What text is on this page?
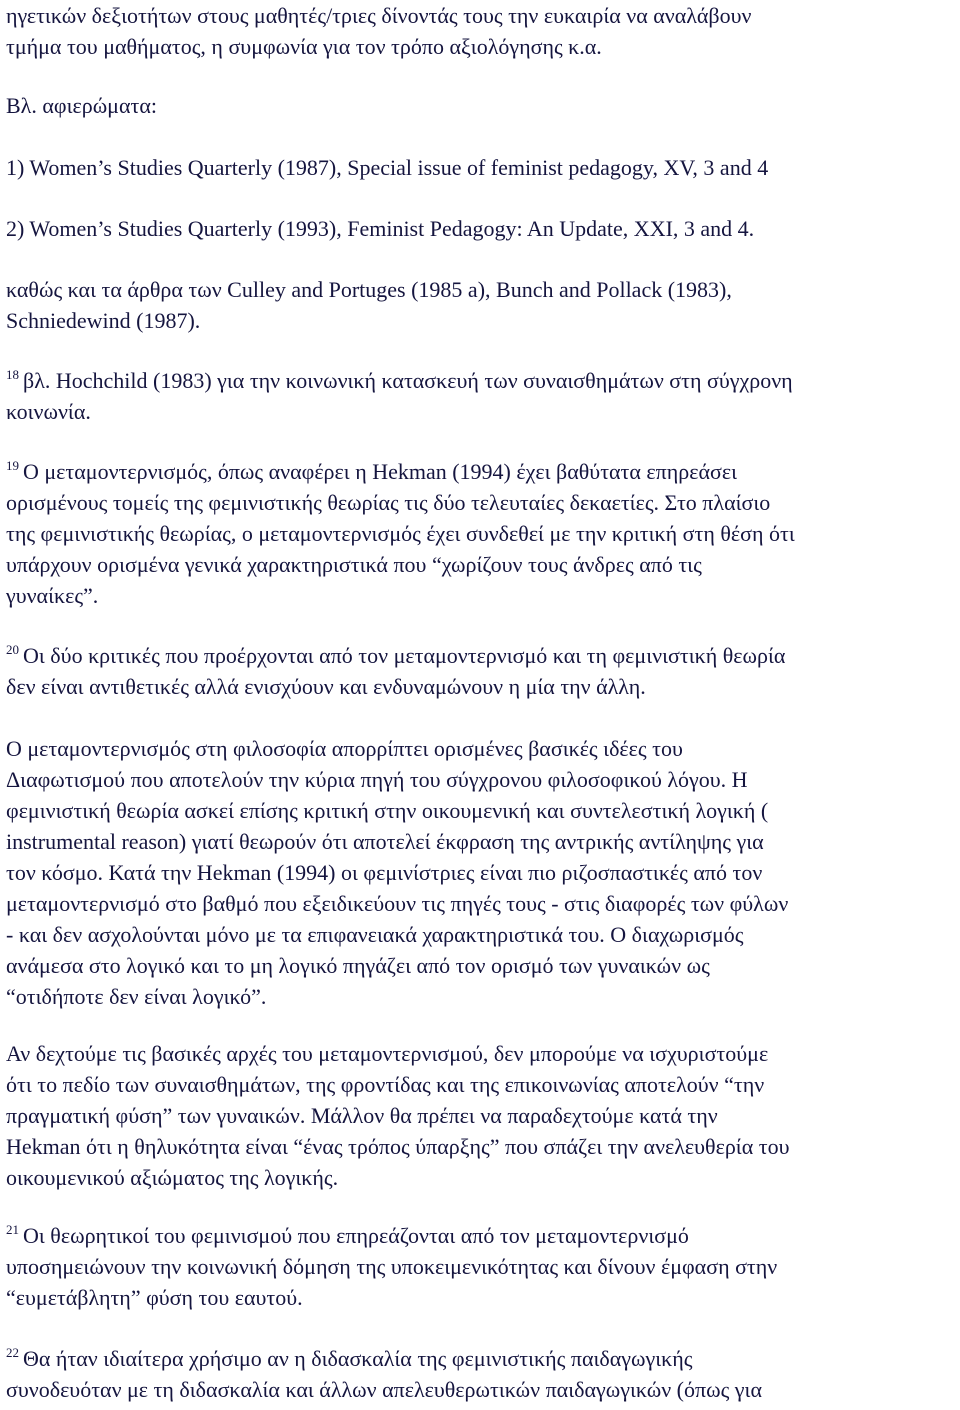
ηγετικών δεξιοτήτων στους μαθητές/τριες δίνοντάς τους την ευκαιρία να αναλάβουν
τμήμα του μαθήματος, η συμφωνία για τον τρόπο αξιολόγησης κ.α.
Βλ. αφιερώματα:
1) Women’s Studies Quarterly (1987), Special issue of feminist pedagogy, XV, 3 and 4
2) Women’s Studies Quarterly (1993), Feminist Pedagogy: An Update, XXI, 3 and 4.
καθώς και τα άρθρα των Culley and Portuges (1985 a), Bunch and Pollack (1983),
Schniedewind (1987).
$^{18}$ βλ. Hochchild (1983) για την κοινωνική κατασκευή των συναισθημάτων στη σύγχρονη
κοινωνία.
$^{19}$ Ο μεταμοντερνισμός, όπως αναφέρει η Hekman (1994) έχει βαθύτατα επηρεάσει
ορισμένους τομείς της φεμινιστικής θεωρίας τις δύο τελευταίες δεκαετίες. Στο πλαίσιο
της φεμινιστικής θεωρίας, ο μεταμοντερνισμός έχει συνδεθεί με την κριτική στη θέση ότι
υπάρχουν ορισμένα γενικά χαρακτηριστικά που “χωρίζουν τους άνδρες από τις
γυναίκες”.
$^{20}$ Οι δύο κριτικές που προέρχονται από τον μεταμοντερνισμό και τη φεμινιστική θεωρία
δεν είναι αντιθετικές αλλά ενισχύουν και ενδυναμώνουν η μία την άλλη.
Ο μεταμοντερνισμός στη φιλοσοφία απορρίπτει ορισμένες βασικές ιδέες του
Διαφωτισμού που αποτελούν την κύρια πηγή του σύγχρονου φιλοσοφικού λόγου. Η
φεμινιστική θεωρία ασκεί επίσης κριτική στην οικουμενική και συντελεστική λογική (
instrumental reason) γιατί θεωρούν ότι αποτελεί έκφραση της αντρικής αντίληψης για
τον κόσμο. Κατά την Hekman (1994) οι φεμινίστριες είναι πιο ριζοσπαστικές από τον
μεταμοντερνισμό στο βαθμό που εξειδικεύουν τις πηγές τους - στις διαφορές των φύλων
- και δεν ασχολούνται μόνο με τα επιφανειακά χαρακτηριστικά του. Ο διαχωρισμός
ανάμεσα στο λογικό και το μη λογικό πηγάζει από τον ορισμό των γυναικών ως
“οτιδήποτε δεν είναι λογικό”.
Αν δεχτούμε τις βασικές αρχές του μεταμοντερνισμού, δεν μπορούμε να ισχυριστούμε
ότι το πεδίο των συναισθημάτων, της φροντίδας και της επικοινωνίας αποτελούν “την
πραγματική φύση” των γυναικών. Μάλλον θα πρέπει να παραδεχτούμε κατά την
Hekman ότι η θηλυκότητα είναι “ένας τρόπος ύπαρξης” που σπάζει την ανελευθερία του
οικουμενικού αξιώματος της λογικής.
$^{21}$ Οι θεωρητικοί του φεμινισμού που επηρεάζονται από τον μεταμοντερνισμό
υποσημειώνουν την κοινωνική δόμηση της υποκειμενικότητας και δίνουν έμφαση στην
“ευμετάβλητη” φύση του εαυτού.
$^{22}$ Θα ήταν ιδιαίτερα χρήσιμο αν η διδασκαλία της φεμινιστικής παιδαγωγικής
συνοδευόταν με τη διδασκαλία και άλλων απελευθερωτικών παιδαγωγικών (όπως για
